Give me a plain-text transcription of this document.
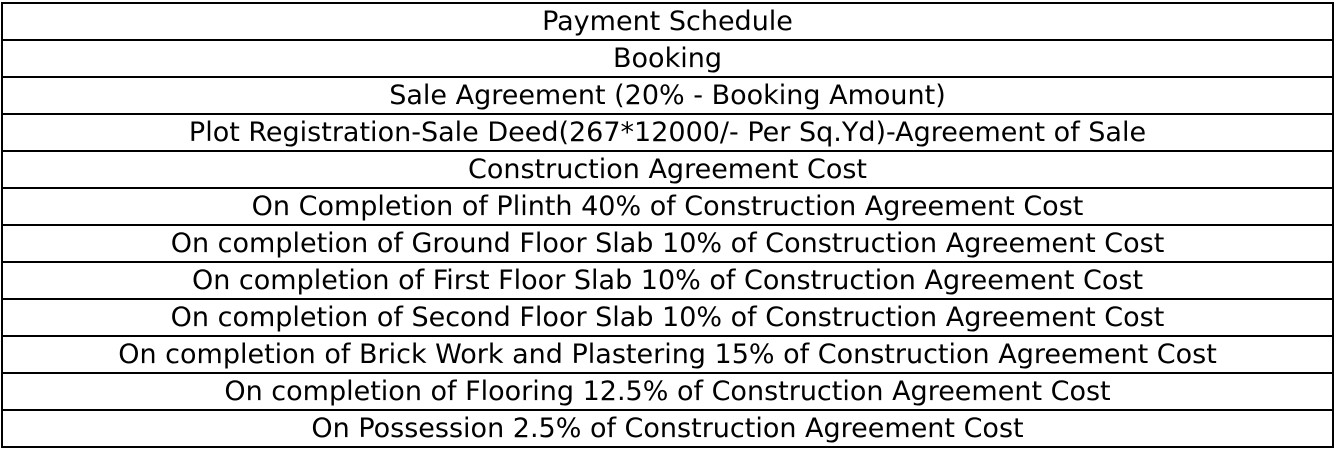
Payment Schedule
Booking
Sale Agreement (20% - Booking Amount)
Plot Registration-Sale Deed(267*12000/- Per Sq.Yd)-Agreement of Sale
Construction Agreement Cost
On Completion of Plinth 40% of Construction Agreement Cost
On completion of Ground Floor Slab 10% of Construction Agreement Cost
On completion of First Floor Slab 10% of Construction Agreement Cost
On completion of Second Floor Slab 10% of Construction Agreement Cost
On completion of Brick Work and Plastering 15% of Construction Agreement Cost
On completion of Flooring 12.5% of Construction Agreement Cost
On Possession 2.5% of Construction Agreement Cost
